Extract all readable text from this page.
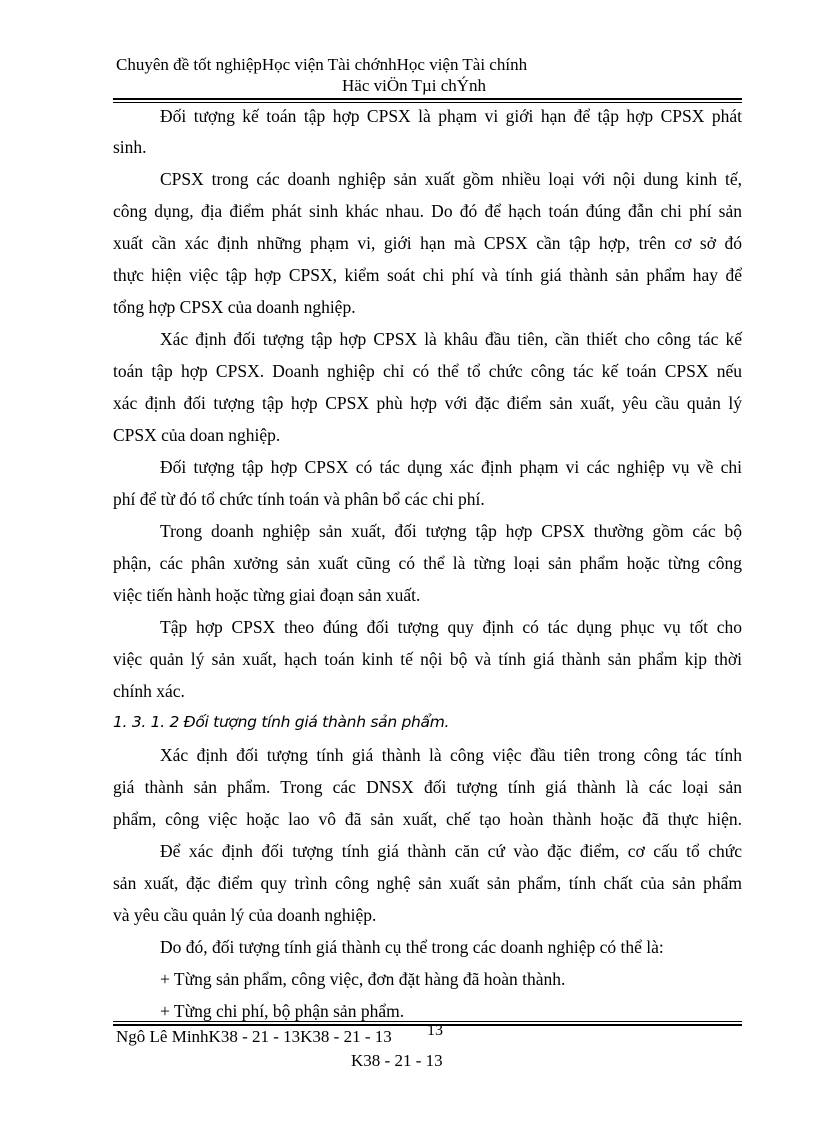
Chuyên đề tốt nghiệpHọc viện Tài chớnhHọc viện Tài chính
Häc viÖn Tµi chÝnh
Đối tượng kế toán tập hợp CPSX là phạm vi giới hạn để tập hợp CPSX phát
sinh.
CPSX trong các doanh nghiệp sản xuất gồm nhiều loại với nội dung kinh tế,
công dụng, địa điểm phát sinh khác nhau. Do đó để hạch toán đúng đẫn chi phí sản
xuất cần xác định những phạm vi, giới hạn mà CPSX cần tập hợp, trên cơ sở đó
thực hiện việc tập hợp CPSX, kiểm soát chi phí và tính giá thành sản phẩm hay để
tổng hợp CPSX của doanh nghiệp.
Xác định đối tượng tập hợp CPSX là khâu đầu tiên, cần thiết cho công tác kế
toán tập hợp CPSX. Doanh nghiệp chỉ có thể tổ chức công tác kế toán CPSX nếu
xác định đối tượng tập hợp CPSX phù hợp với đặc điểm sản xuất, yêu cầu quản lý
CPSX của doan nghiệp.
Đối tượng tập hợp CPSX có tác dụng xác định phạm vi các nghiệp vụ về chi
phí để từ đó tổ chức tính toán và phân bổ các chi phí.
Trong doanh nghiệp sản xuất, đối tượng tập hợp CPSX thường gồm các bộ
phận, các phân xưởng sản xuất cũng có thể là từng loại sản phẩm hoặc từng công
việc tiến hành hoặc từng giai đoạn sản xuất.
Tập hợp CPSX theo đúng đối tượng quy định có tác dụng phục vụ tốt cho
việc quản lý sản xuất, hạch toán kinh tế nội bộ và tính giá thành sản phẩm kịp thời
chính xác.
1. 3. 1. 2 Đối tượng tính giá thành sản phẩm.
Xác định đối tượng tính giá thành là công việc đầu tiên trong công tác tính
giá thành sản phẩm. Trong các DNSX đối tượng tính giá thành là các loại sản
phẩm, công việc hoặc lao vô đã sản xuất, chế tạo hoàn thành hoặc đã thực hiện.
Để xác định đối tượng tính giá thành căn cứ vào đặc điểm, cơ cấu tổ chức
sản xuất, đặc điểm quy trình công nghệ sản xuất sản phẩm, tính chất của sản phẩm
và yêu cầu quản lý của doanh nghiệp.
Do đó, đối tượng tính giá thành cụ thể trong các doanh nghiệp có thể là:
+ Từng sản phẩm, công việc, đơn đặt hàng đã hoàn thành.
+ Từng chi phí, bộ phận sản phẩm.
Ngô Lê MinhK38 - 21 - 13K38 - 21 - 13 13
K38 - 21 - 13
